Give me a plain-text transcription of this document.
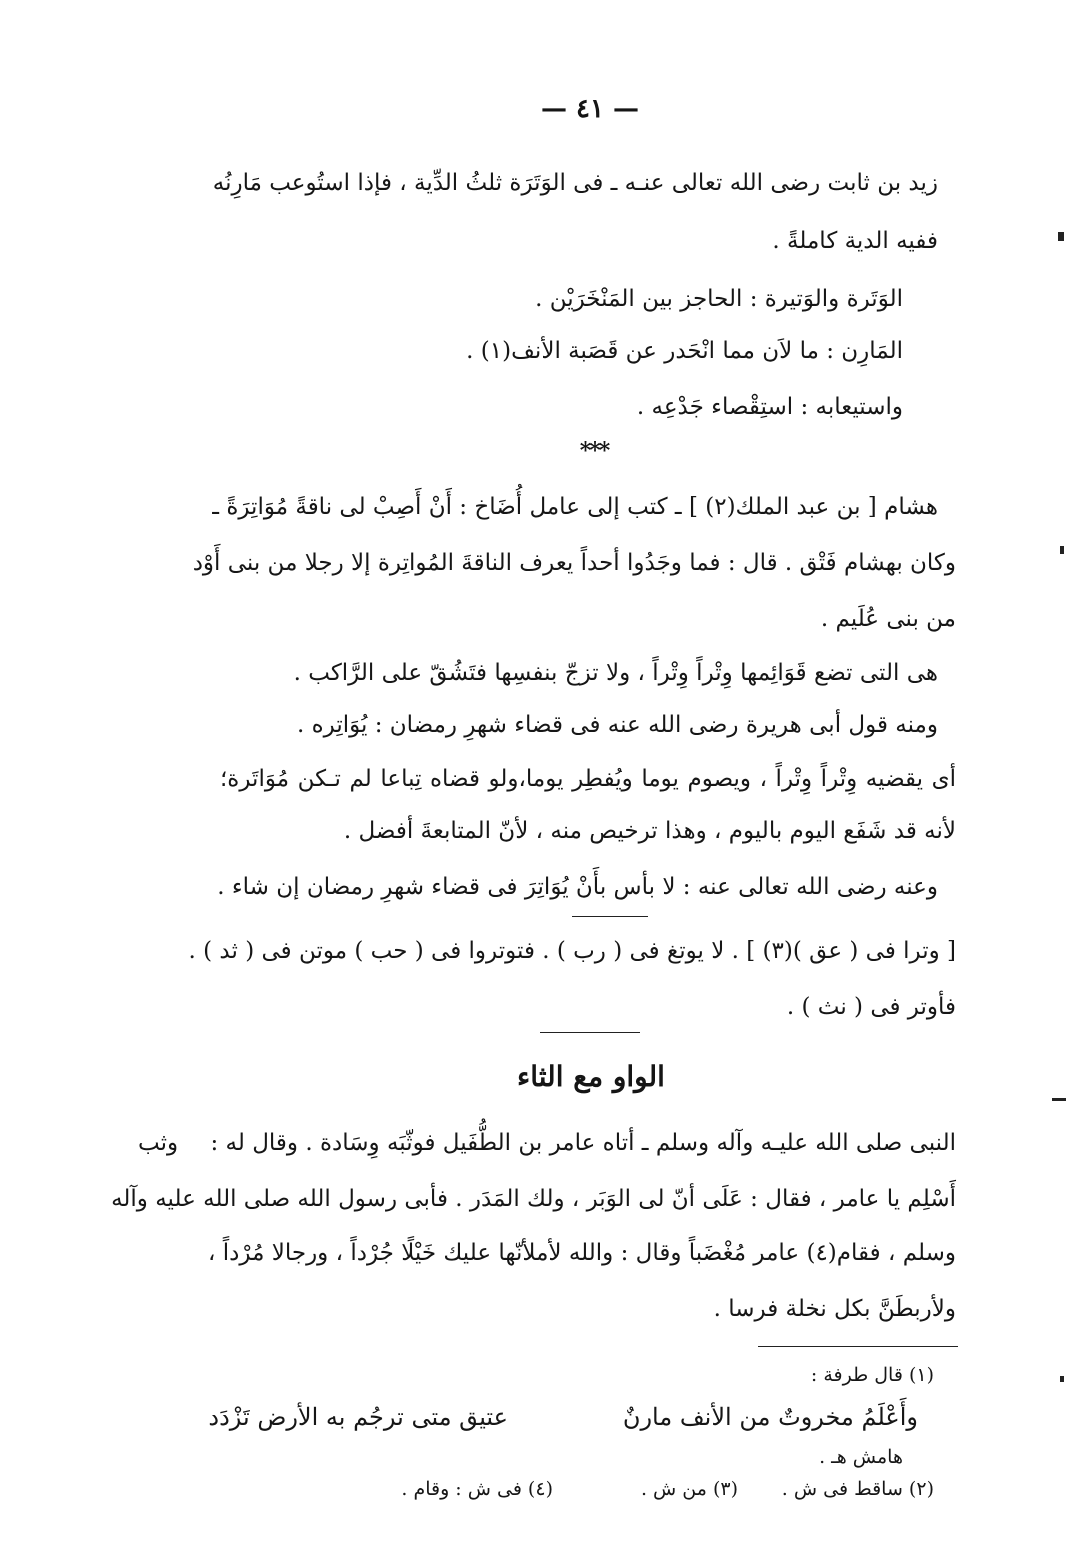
— ٤١ —
زيد بن ثابت رضى الله تعالى عنـه ـ فى الوَتَرَة ثلثُ الدِّية ، فإذا استُوعب مَارِنُه
ففيه الدية كاملةً .
الوَتَرة والوَتيرة : الحاجز بين المَنْخَرَيْن .
المَارِن : ما لاَن مما انْحَدر عن قَصَبة الأنف(١) .
واستيعابه : استِقْصاء جَدْعِه .
***
هشام [ بن عبد الملك(٢) ] ـ كتب إلى عامل أُضَاخ : أَنْ أَصِبْ لى ناقةً مُوَاتِرَةً ـ
وكان بهشام فَتْق . قال : فما وجَدُوا أحداً يعرف الناقةَ المُواتِرة إلا رجلا من بنى أَوْد
من بنى عُلَيم .
هى التى تضع قَوَائِمها وِتْراً وِتْراً ، ولا تزجّ بنفسِها فتَشُقّ على الرَّاكب .
ومنه قول أبى هريرة رضى الله عنه فى قضاء شهرِ رمضان : يُوَاتِره .
أى يقضيه وِتْراً وِتْراً ، ويصوم يوما ويُفطِر يوما،ولو قضاه تِباعا لم تـكن مُوَاتَرة؛
لأنه قد شَفَع اليوم باليوم ، وهذا ترخيص منه ، لأنّ المتابعةَ أفضل .
وعنه رضى الله تعالى عنه : لا بأس بأَنْ يُوَاتِرَ فى قضاء شهرِ رمضان إن شاء .
[ وترا فى ( عق )(٣) ] . لا يوتغ فى ( رب ) . فتوتروا فى ( حب ) موتن فى ( ثد ) .
فأوتر فى ( نث ) .
الواو مع الثاء
وثب النبى صلى الله عليـه وآله وسلم ـ أتاه عامر بن الطُّفَيل فوثّبَه وِسَادة . وقال له :
أَسْلِم يا عامر ، فقال : عَلَى أنّ لى الوَبَر ، ولك المَدَر . فأبى رسول الله صلى الله عليه وآله
وسلم ، فقام(٤) عامر مُغْضَباً وقال : والله لأملأنّها عليك خَيْلًا جُرْداً ، ورجالا مُرْداً ،
ولأربطَنَّ بكل نخلة فرسا .
(١) قال طرفة :
وأَعْلَمُ مخروتٌ من الأنف مارنٌ
عتيق متى ترجُم به الأرض تَزْدَد
هامش هـ .
(٢) ساقط فى ش .
(٣) من ش .
(٤) فى ش : وقام .
